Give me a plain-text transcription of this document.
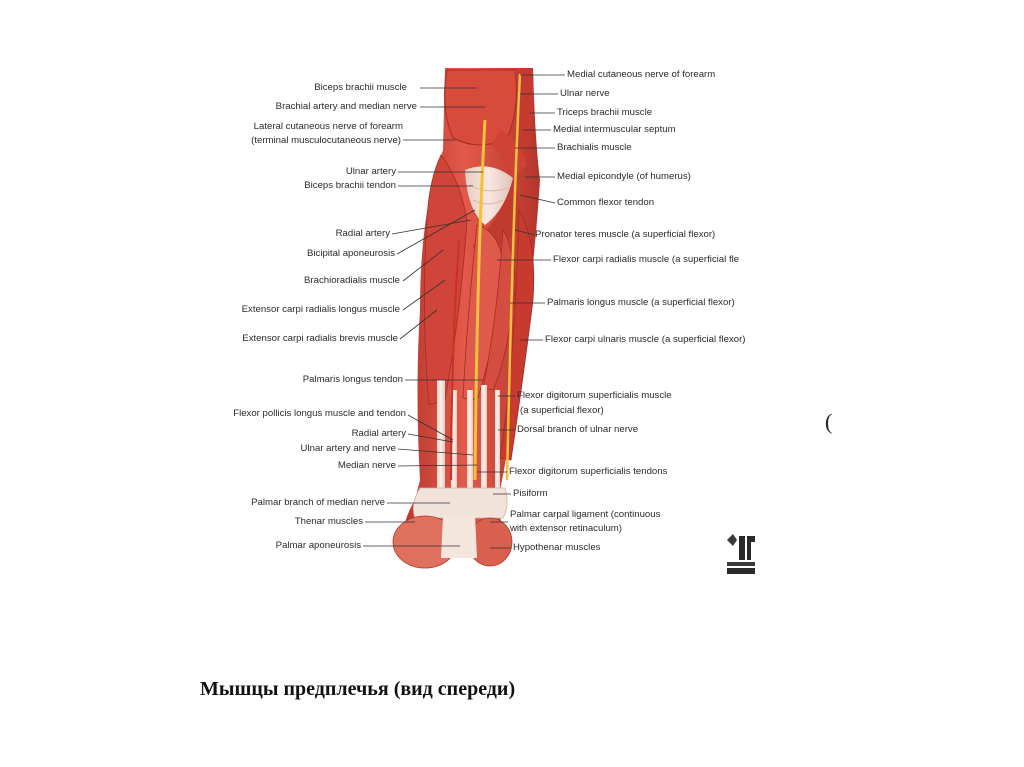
Biceps brachii muscle
Brachial artery and median nerve
Lateral cutaneous nerve of forearm
(terminal musculocutaneous nerve)
Ulnar artery
Biceps brachii tendon
Radial artery
Bicipital aponeurosis
Brachioradialis muscle
Extensor carpi radialis longus muscle
Extensor carpi radialis brevis muscle
Palmaris longus tendon
Flexor pollicis longus muscle and tendon
Radial artery
Ulnar artery and nerve
Median nerve
Palmar branch of median nerve
Thenar muscles
Palmar aponeurosis
Medial cutaneous nerve of forearm
Ulnar nerve
Triceps brachii muscle
Medial intermuscular septum
Brachialis muscle
Medial epicondyle (of humerus)
Common flexor tendon
Pronator teres muscle (a superficial flexor)
Flexor carpi radialis muscle (a superficial fle
Palmaris longus muscle (a superficial flexor)
Flexor carpi ulnaris muscle (a superficial flexor)
Flexor digitorum superficialis muscle
(a superficial flexor)
Dorsal branch of ulnar nerve
Flexor digitorum superficialis tendons
Pisiform
Palmar carpal ligament (continuous
with extensor retinaculum)
Hypothenar muscles
(
Мышцы предплечья (вид спереди)
